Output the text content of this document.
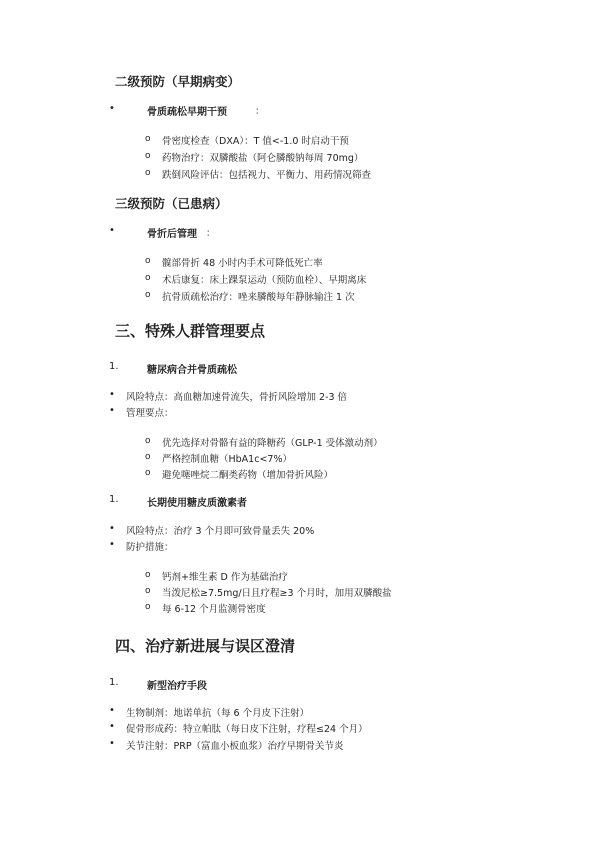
二级预防（早期病变）
•	骨质疏松早期干预	：
o 骨密度检查（DXA）：T 值<-1.0 时启动干预
o 药物治疗：双膦酸盐（阿仑膦酸钠每周 70mg）
o 跌倒风险评估：包括视力、平衡力、用药情况筛查
三级预防（已患病）
•	骨折后管理 ：
o 髋部骨折 48 小时内手术可降低死亡率
o 术后康复：床上踝泵运动（预防血栓）、早期离床
o 抗骨质疏松治疗：唑来膦酸每年静脉输注 1 次
三、特殊人群管理要点
1.	糖尿病合并骨质疏松
• 风险特点：高血糖加速骨流失，骨折风险增加 2-3 倍
• 管理要点：
o 优先选择对骨骼有益的降糖药（GLP-1 受体激动剂）
o 严格控制血糖（HbA1c<7%）
o 避免噻唑烷二酮类药物（增加骨折风险）
1.	长期使用糖皮质激素者
• 风险特点：治疗 3 个月即可致骨量丢失 20%
• 防护措施：
o 钙剂+维生素 D 作为基础治疗
o 当泼尼松≥7.5mg/日且疗程≥3 个月时，加用双膦酸盐
o 每 6-12 个月监测骨密度
四、治疗新进展与误区澄清
1.	新型治疗手段
• 生物制剂：地诺单抗（每 6 个月皮下注射）
• 促骨形成药：特立帕肽（每日皮下注射，疗程≤24 个月）
• 关节注射：PRP（富血小板血浆）治疗早期骨关节炎
